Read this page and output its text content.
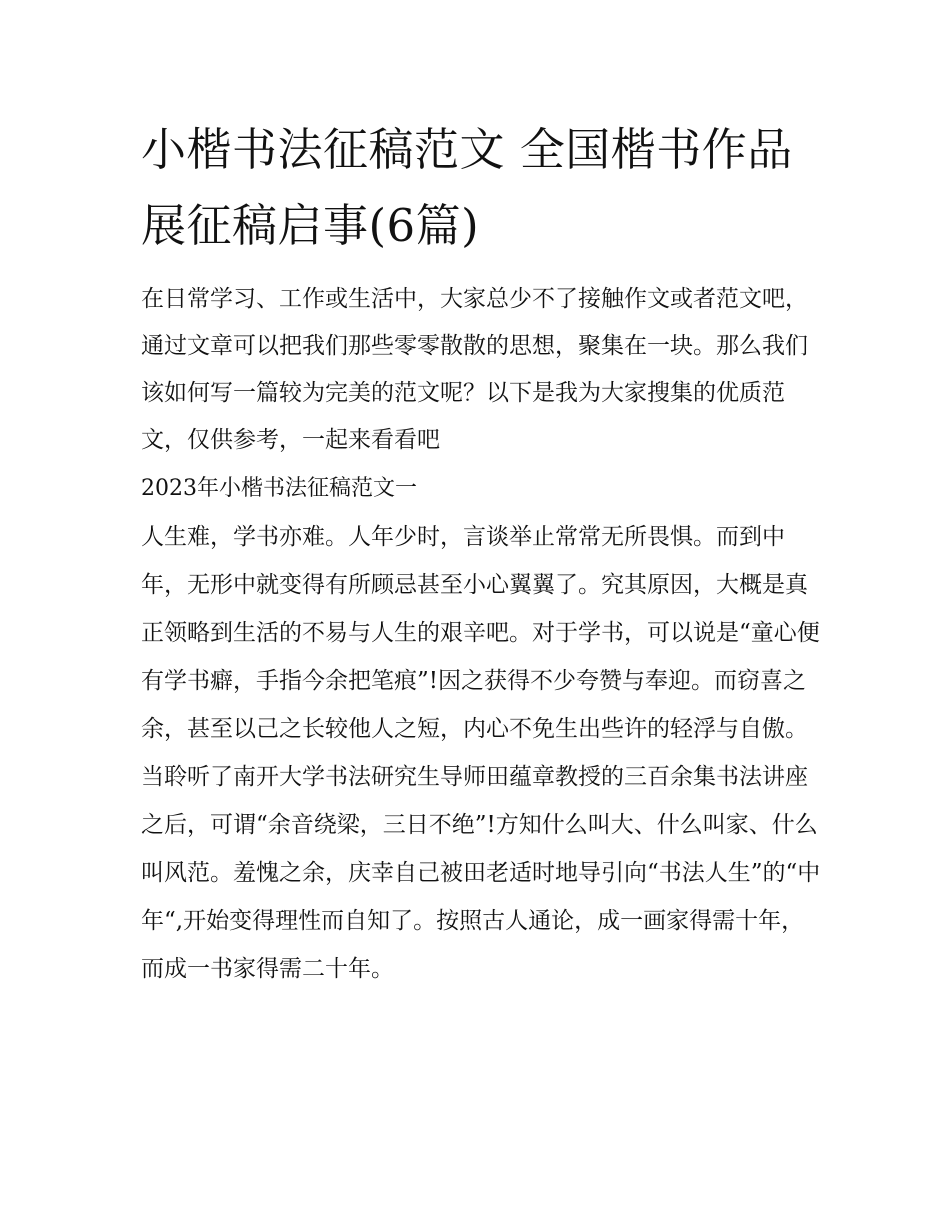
小楷书法征稿范文 全国楷书作品展征稿启事(6篇)

在日常学习、工作或生活中，大家总少不了接触作文或者范文吧，通过文章可以把我们那些零零散散的思想，聚集在一块。那么我们该如何写一篇较为完美的范文呢？以下是我为大家搜集的优质范文，仅供参考，一起来看看吧

2023年小楷书法征稿范文一

人生难，学书亦难。人年少时，言谈举止常常无所畏惧。而到中年，无形中就变得有所顾忌甚至小心翼翼了。究其原因，大概是真正领略到生活的不易与人生的艰辛吧。对于学书，可以说是“童心便有学书癖，手指今余把笔痕”!因之获得不少夸赞与奉迎。而窃喜之余，甚至以己之长较他人之短，内心不免生出些许的轻浮与自傲。当聆听了南开大学书法研究生导师田蕴章教授的三百余集书法讲座之后，可谓“余音绕梁，三日不绝”!方知什么叫大、什么叫家、什么叫风范。羞愧之余，庆幸自己被田老适时地导引向“书法人生”的“中年“,开始变得理性而自知了。按照古人通论，成一画家得需十年，而成一书家得需二十年。
